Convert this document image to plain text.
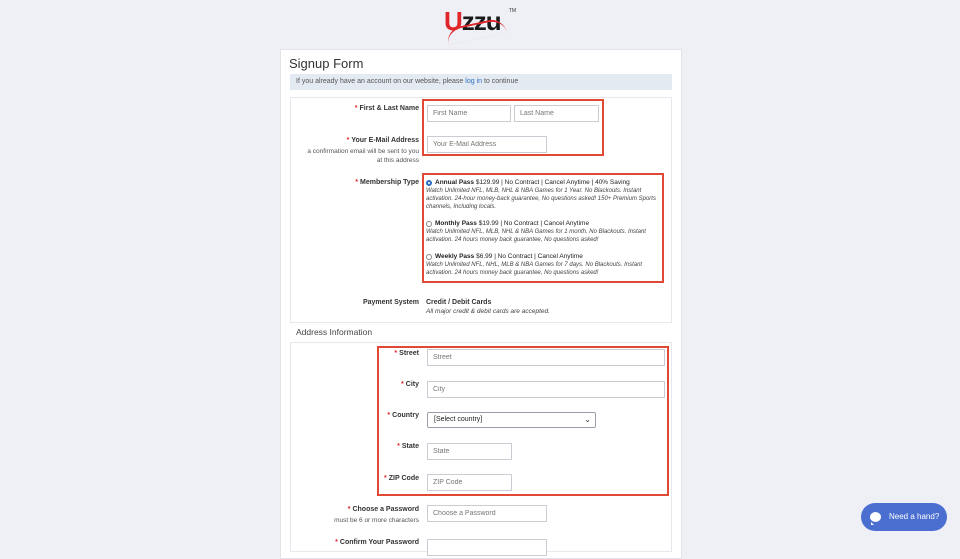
Uzzu TM
Signup Form
If you already have an account on our website, please log in to continue
* First & Last Name
First Name
Last Name
* Your E-Mail Address
a confirmation email will be sent to you
at this address
Your E-Mail Address
* Membership Type Annual Pass $129.99 | No Contract | Cancel Anytime | 40% Saving
Watch Unlimited NFL, MLB, NHL & NBA Games for 1 Year. No Blackouts. Instant activation. 24-hour money-back guarantee, No questions asked! 150+ Premium Sports channels, Including locals.
Monthly Pass $19.99 | No Contract | Cancel Anytime
Watch Unlimited NFL, MLB, NHL & NBA Games for 1 month. No Blackouts. Instant activation. 24 hours money back guarantee, No questions asked!
Weekly Pass $6.99 | No Contract | Cancel Anytime
Watch Unlimited NFL, NHL, MLB & NBA Games for 7 days. No Blackouts. Instant activation. 24 hours money back guarantee, No questions asked!
Payment System Credit / Debit Cards
All major credit & debit cards are accepted.
Address Information
* Street
Street
* City
City
* Country
[Select country]	⌄
* State
State
* ZIP Code
ZIP Code
* Choose a Password
must be 6 or more characters
Choose a Password
* Confirm Your Password
Need a hand?
